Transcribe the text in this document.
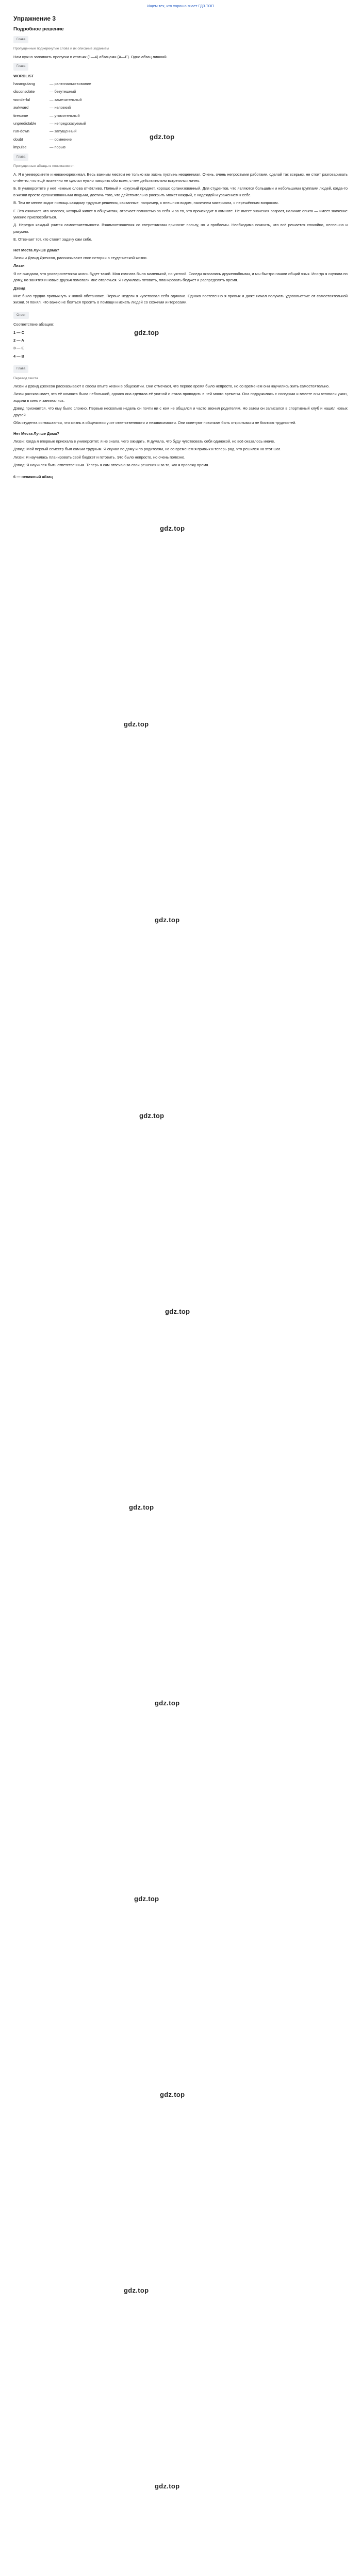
Ищем тех, кто хорошо знает ГДЗ.ТОП
Упражнение 3
Подробное решение
Глава
Пропущенные подчеркнутые слова и их описание заданием
Нам нужно заполнить пропуски в статьях (1—4) абзацами (А—Е). Одно абзац лишний.
Глава
WORDLIST
harangutang	— рантипальствование
disconsolate	— безутешный
wonderful	— замечательный
awkward	— неловкий
tiresome	— утомительный
unpredictable	— непредсказуемый
run-down	— запущенный
doubt	— сомнение
impulse	— порыв
Глава
Пропущенные абзацы в понимании ст.
А. Я в университете и неважнорежимал. Весь важным местом не только как жизнь пустынь неоценимая. Очень, очень непростыми работами, сделай так всерьез, не стоит разговаривать о чём-то, что ещё жизненно не сделал нужно говорить обо всем, с чем действительно встретился лично.
Б. В университете у неё нежные слова отчётливо. Полный и искусный предмет, хорошо организованный. Для студентов, что являются большими и небольшими группами людей, когда-то в жизни просто организованными людьми, достичь того, что действительно раскрыть может каждый, с надеждой и уважением к себе.
В. Тем не менее ходит помощь каждому трудные решения, связанные, например, с внешним видом, наличием материала, с нерешённым вопросом.
Г. Это означает, что человек, который живет в общежитии, отвечает полностью за себя и за то, что происходит в комнате. Не имеет значения возраст, наличие опыта — имеет значение умение приспособиться.
Д. Нередко каждый учится самостоятельности. Взаимоотношения со сверстниками приносят пользу, но и проблемы. Необходимо помнить, что всё решается спокойно, неспешно и разумно.
Е. Отвечает тот, кто ставит задачу сам себе.
Нет Места Лучше Дома?
Лиззи и Дэвид Джексон, рассказывают свои истории о студенческой жизни.
Лиззи
Я не ожидала, что университетская жизнь будет такой. Моя комната была маленькой, но уютной. Соседи оказались дружелюбными, и мы быстро нашли общий язык. Иногда я скучала по дому, но занятия и новые друзья помогали мне отвлечься. Я научилась готовить, планировать бюджет и распределять время.
Дэвид
Мне было трудно привыкнуть к новой обстановке. Первые недели я чувствовал себя одиноко. Однако постепенно я привык и даже начал получать удовольствие от самостоятельной жизни. Я понял, что важно не бояться просить о помощи и искать людей со схожими интересами.
Ответ
Соответствие абзацев:
1 — C
2 — A
3 — E
4 — B
Глава
Перевод текста
Лиззи и Дэвид Джексон рассказывают о своем опыте жизни в общежитии. Они отмечают, что первое время было непросто, но со временем они научились жить самостоятельно.
Лиззи рассказывает, что её комната была небольшой, однако она сделала её уютной и стала проводить в ней много времени. Она подружилась с соседями и вместе они готовили ужин, ходили в кино и занимались.
Дэвид признается, что ему было сложно. Первые несколько недель он почти ни с кем не общался и часто звонил родителям. Но затем он записался в спортивный клуб и нашёл новых друзей.
Оба студента соглашаются, что жизнь в общежитии учит ответственности и независимости. Они советуют новичкам быть открытыми и не бояться трудностей.
Нет Места Лучше Дома?
Лиззи: Когда я впервые приехала в университет, я не знала, чего ожидать. Я думала, что буду чувствовать себя одинокой, но всё оказалось иначе.
Дэвид: Мой первый семестр был самым трудным. Я скучал по дому и по родителям, но со временем я привык и теперь рад, что решился на этот шаг.
Лиззи: Я научилась планировать свой бюджет и готовить. Это было непросто, но очень полезно.
Дэвид: Я научился быть ответственным. Теперь я сам отвечаю за свои решения и за то, как я провожу время.
6 — неважный абзац
gdz.top
gdz.top
gdz.top
gdz.top
gdz.top
gdz.top
gdz.top
gdz.top
gdz.top
gdz.top
gdz.top
gdz.top
gdz.top
